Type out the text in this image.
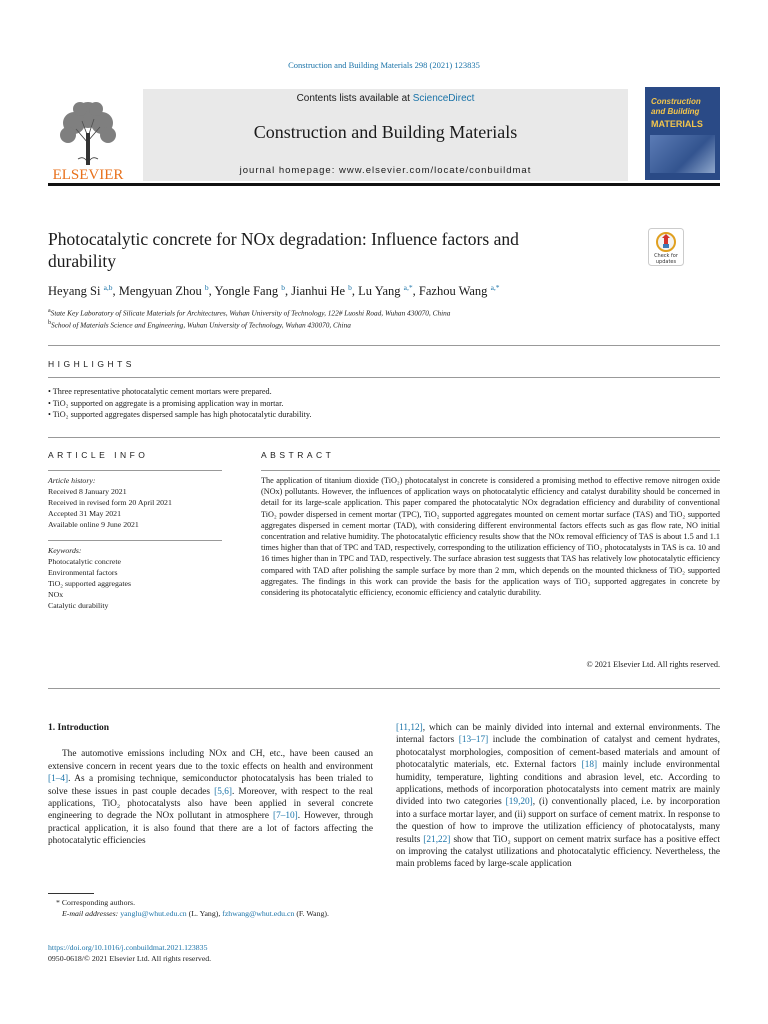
Construction and Building Materials 298 (2021) 123835
ELSEVIER
Contents lists available at ScienceDirect
Construction and Building Materials
journal homepage: www.elsevier.com/locate/conbuildmat
Construction and Building
MATERIALS
Photocatalytic concrete for NOx degradation: Influence factors and durability	Check for updates
Heyang Si $^{a,b}$, Mengyuan Zhou $^b$, Yongle Fang $^b$, Jianhui He $^b$, Lu Yang $^{a,*}$, Fazhou Wang $^{a,*}$
$^a$State Key Laboratory of Silicate Materials for Architectures, Wuhan University of Technology, 122# Luoshi Road, Wuhan 430070, China
$^b$School of Materials Science and Engineering, Wuhan University of Technology, Wuhan 430070, China
HIGHLIGHTS
• Three representative photocatalytic cement mortars were prepared.
• TiO₂ supported on aggregate is a promising application way in mortar.
• TiO₂ supported aggregates dispersed sample has high photocatalytic durability.
ARTICLE INFO	ABSTRACT
Article history:
Received 8 January 2021
Received in revised form 20 April 2021
Accepted 31 May 2021
Available online 9 June 2021
Keywords:
Photocatalytic concrete
Environmental factors
TiO₂ supported aggregates
NOx
Catalytic durability
The application of titanium dioxide (TiO₂) photocatalyst in concrete is considered a promising method to effective remove nitrogen oxide (NOx) pollutants. However, the influences of application ways on photocatalytic efficiency and catalyst durability should be concerned in detail for its large-scale application. This paper compared the photocatalytic NOx degradation efficiency and durability of conventional TiO₂ powder dispersed in cement mortar (TPC), TiO₂ supported aggregates mounted on cement mortar surface (TAS) and TiO₂ supported aggregates dispersed in cement mortar (TAD), with considering different environmental factors effects such as gas flow rate, NO initial concentration and relative humidity. The photocatalytic efficiency results show that the NOx removal efficiency of TAS is about 1.5 and 1.1 times higher than that of TPC and TAD, respectively, corresponding to the utilization efficiency of TiO₂ photocatalysts in TAS is ca. 10 and 16 times higher than in TPC and TAD, respectively. The surface abrasion test suggests that TAS has relatively low photocatalytic efficiency compared with TAD after polishing the sample surface by more than 2 mm, which depends on the mounted thickness of TiO₂ supported aggregates. The findings in this work can provide the basis for the application ways of TiO₂ supported aggregates in concrete by considering its photocatalytic efficiency, economic efficiency and catalytic durability.
© 2021 Elsevier Ltd. All rights reserved.
1. Introduction

The automotive emissions including NOx and CH, etc., have been caused an extensive concern in recent years due to the toxic effects on health and environment [1–4]. As a promising technique, semiconductor photocatalysis has been trialed to solve these issues in past couple decades [5,6]. Moreover, with respect to the real applications, TiO₂ photocatalysts also have been applied in several concrete engineering to degrade the NOx pollutant in atmosphere [7–10]. However, through practical application, it is also found that there are a lot of factors affecting the photocatalytic efficiencies

[11,12], which can be mainly divided into internal and external environments. The internal factors [13–17] include the combination of catalyst and cement hydrates, photocatalyst morphologies, composition of cement-based materials and amount of photocatalytic materials, etc. External factors [18] mainly include environmental humidity, temperature, lighting conditions and abrasion level, etc. According to applications, methods of incorporation photocatalysts into cement matrix are mainly divided into two categories [19,20], (i) conventionally placed, i.e. by incorporation into a surface mortar layer, and (ii) support on surface of cement matrix. In response to the question of how to improve the utilization efficiency of photocatalysts, many results [21,22] show that TiO₂ support on cement matrix surface has a positive effect on improving the catalyst utilizations and photocatalytic efficiency. Nevertheless, the main problems faced by large-scale application

* Corresponding authors.
E-mail addresses: yanglu@whut.edu.cn (L. Yang), fzhwang@whut.edu.cn (F. Wang).
https://doi.org/10.1016/j.conbuildmat.2021.123835
0950-0618/© 2021 Elsevier Ltd. All rights reserved.
